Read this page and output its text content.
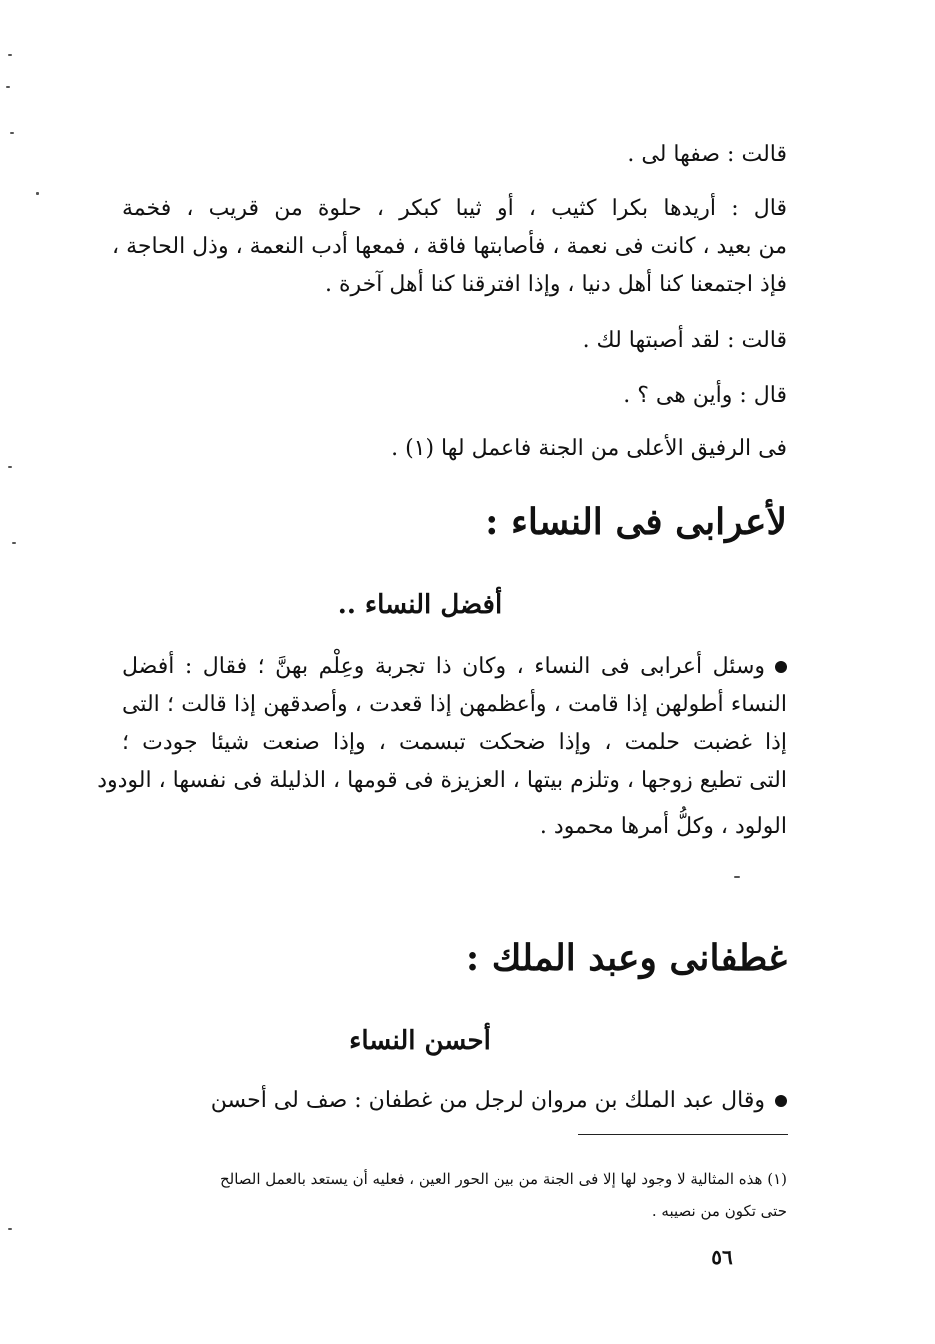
قالت : صفها لى .
قال : أريدها بكرا كثيب ، أو ثيبا كبكر ، حلوة من قريب ، فخمة
من بعيد ، كانت فى نعمة ، فأصابتها فاقة ، فمعها أدب النعمة ، وذل الحاجة ،
فإذ اجتمعنا كنا أهل دنيا ، وإذا افترقنا كنا أهل آخرة .
قالت : لقد أصبتها لك .
قال : وأين هى ؟ .
فى الرفيق الأعلى من الجنة فاعمل لها (١) .
لأعرابى فى النساء :
أفضل النساء ..
وسئل أعرابى فى النساء ، وكان ذا تجربة وعِلْم بهنَّ ؛ فقال : أفضل
النساء أطولهن إذا قامت ، وأعظمهن إذا قعدت ، وأصدقهن إذا قالت ؛ التى
إذا غضبت حلمت ، وإذا ضحكت تبسمت ، وإذا صنعت شيئا جودت ؛
التى تطيع زوجها ، وتلزم بيتها ، العزيزة فى قومها ، الذليلة فى نفسها ، الودود
الولود ، وكلُّ أمرها محمود .
غطفانى وعبد الملك :
أحسن النساء
وقال عبد الملك بن مروان لرجل من غطفان : صف لى أحسن
(١) هذه المثالية لا وجود لها إلا فى الجنة من بين الحور العين ، فعليه أن يستعد بالعمل الصالح
حتى تكون من نصيبه .
٥٦
